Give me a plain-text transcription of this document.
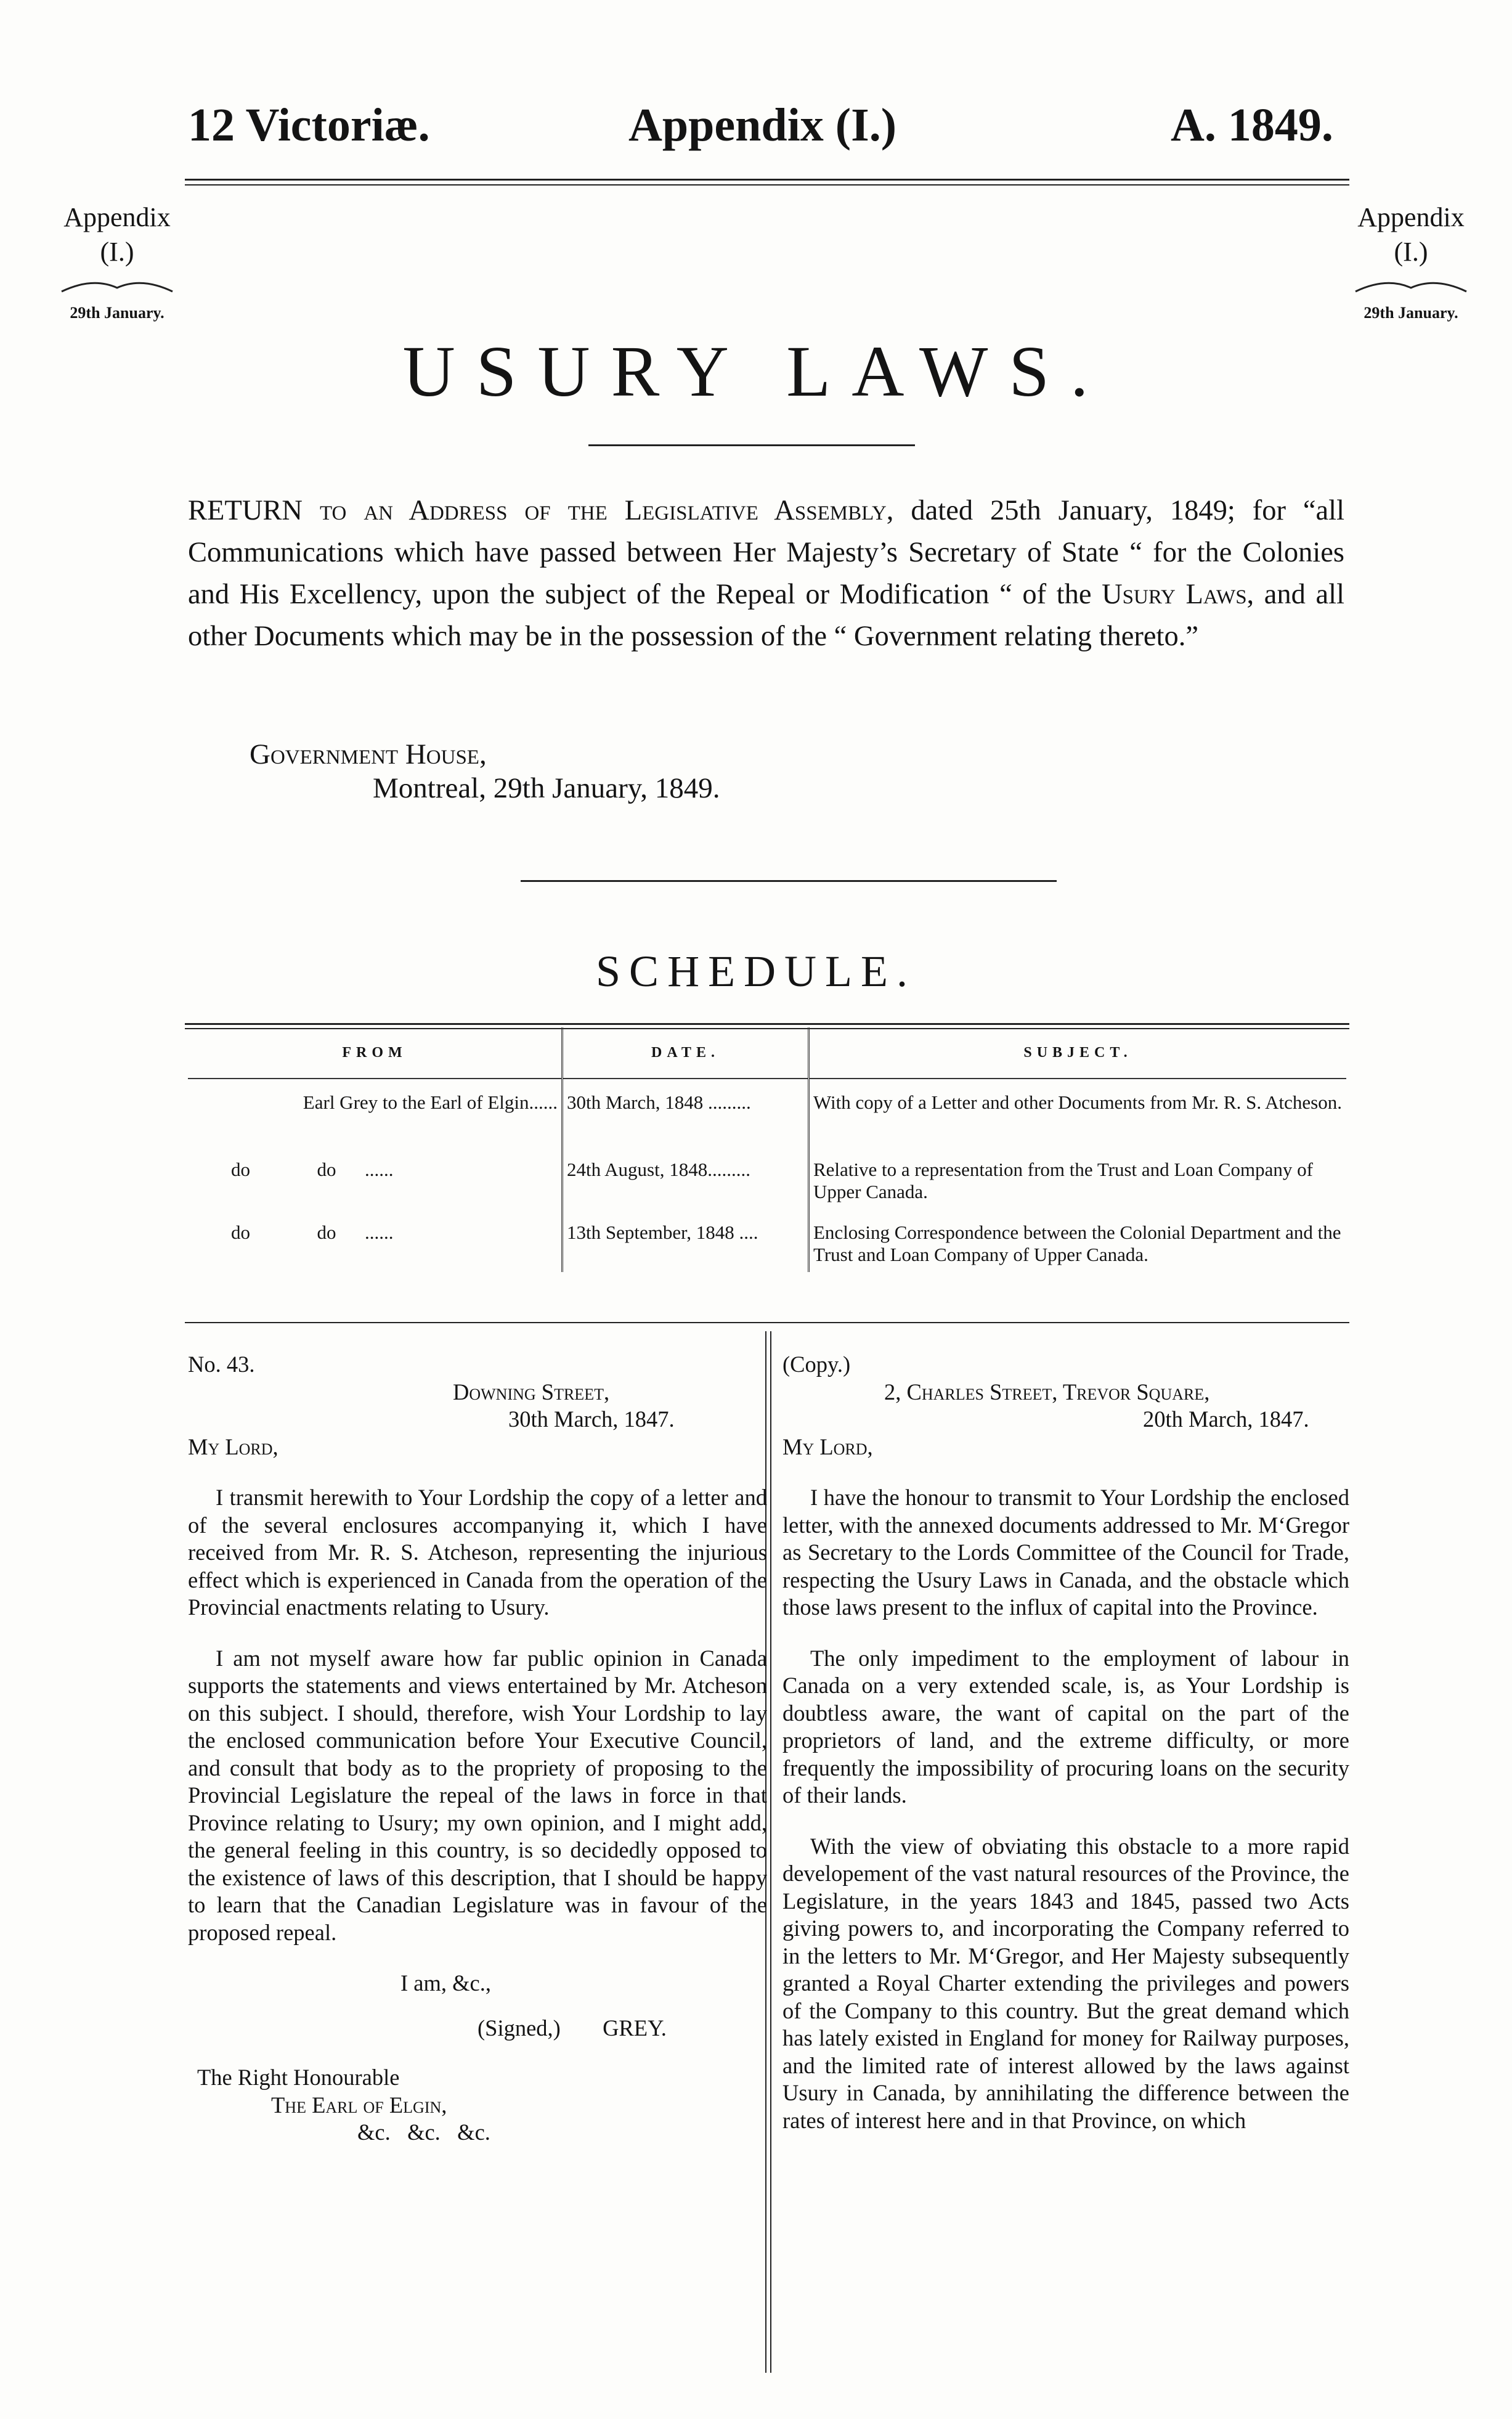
12 Victoriæ.	Appendix (I.)	A. 1849.
Appendix
(I.)
29th January.
Appendix
(I.)
29th January.
USURY LAWS.
RETURN to an Address of the Legislative Assembly, dated 25th January, 1849; for “all Communications which have passed between Her Majesty’s Secretary of State “ for the Colonies and His Excellency, upon the subject of the Repeal or Modification “ of the Usury Laws, and all other Documents which may be in the possession of the “ Government relating thereto.”
Government House,
Montreal, 29th January, 1849.
SCHEDULE.
FROM	DATE.	SUBJECT.
Earl Grey to the Earl of Elgin......	30th March, 1848 .........	With copy of a Letter and other Documents from Mr. R. S. Atcheson.
do              do      ......	24th August, 1848.........	Relative to a representation from the Trust and Loan Company of Upper Canada.
do              do      ......	13th September, 1848 ....	Enclosing Correspondence between the Colonial Department and the Trust and Loan Company of Upper Canada.
No. 43.
Downing Street,
30th March, 1847.
My Lord,

I transmit herewith to Your Lordship the copy of a letter and of the several enclosures accompanying it, which I have received from Mr. R. S. Atcheson, representing the injurious effect which is experienced in Canada from the operation of the Provincial enactments relating to Usury.

I am not myself aware how far public opinion in Canada supports the statements and views entertained by Mr. Atcheson on this subject. I should, therefore, wish Your Lordship to lay the enclosed communication before Your Executive Council, and consult that body as to the propriety of proposing to the Provincial Legislature the repeal of the laws in force in that Province relating to Usury; my own opinion, and I might add, the general feeling in this country, is so decidedly opposed to the existence of laws of this description, that I should be happy to learn that the Canadian Legislature was in favour of the proposed repeal.

I am, &c.,
(Signed,) GREY.
The Right Honourable
The Earl of Elgin,
&c.   &c.   &c.
(Copy.)
2, Charles Street, Trevor Square,
20th March, 1847.
My Lord,

I have the honour to transmit to Your Lordship the enclosed letter, with the annexed documents addressed to Mr. M‘Gregor as Secretary to the Lords Committee of the Council for Trade, respecting the Usury Laws in Canada, and the obstacle which those laws present to the influx of capital into the Province.

The only impediment to the employment of labour in Canada on a very extended scale, is, as Your Lordship is doubtless aware, the want of capital on the part of the proprietors of land, and the extreme difficulty, or more frequently the impossibility of procuring loans on the security of their lands.

With the view of obviating this obstacle to a more rapid developement of the vast natural resources of the Province, the Legislature, in the years 1843 and 1845, passed two Acts giving powers to, and incorporating the Company referred to in the letters to Mr. M‘Gregor, and Her Majesty subsequently granted a Royal Charter extending the privileges and powers of the Company to this country. But the great demand which has lately existed in England for money for Railway purposes, and the limited rate of interest allowed by the laws against Usury in Canada, by annihilating the difference between the rates of interest here and in that Province, on which
